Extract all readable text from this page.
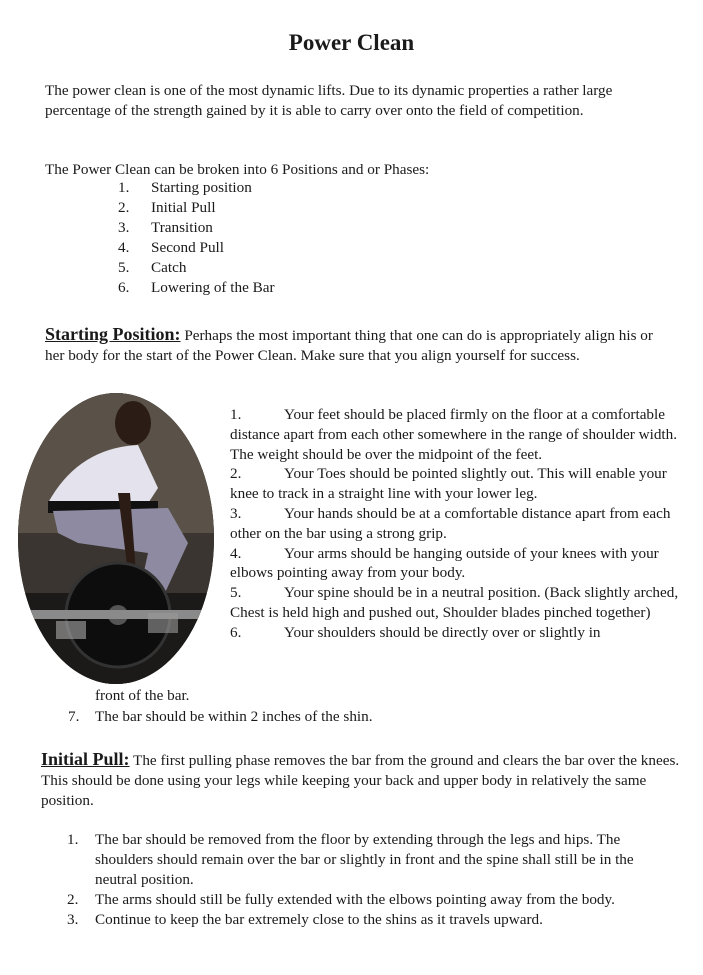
Power Clean

The power clean is one of the most dynamic lifts. Due to its dynamic properties a rather large percentage of the strength gained by it is able to carry over onto the field of competition.

The Power Clean can be broken into 6 Positions and or Phases:

1.	Starting position
2.	Initial Pull
3.	Transition
4.	Second Pull
5.	Catch
6.	Lowering of the Bar

Starting Position: Perhaps the most important thing that one can do is appropriately align his or her body for the start of the Power Clean. Make sure that you align yourself for success.

1.	Your feet should be placed firmly on the floor at a comfortable distance apart from each other somewhere in the range of shoulder width. The weight should be over the midpoint of the feet.

2.	Your Toes should be pointed slightly out. This will enable your knee to track in a straight line with your lower leg.

3.	Your hands should be at a comfortable distance apart from each other on the bar using a strong grip.

4.	Your arms should be hanging outside of your knees with your elbows pointing away from your body.

5.	Your spine should be in a neutral position. (Back slightly arched, Chest is held high and pushed out, Shoulder blades pinched together)

6.	Your shoulders should be directly over or slightly in

front of the bar.
7. The bar should be within 2 inches of the shin.

Initial Pull: The first pulling phase removes the bar from the ground and clears the bar over the knees. This should be done using your legs while keeping your back and upper body in relatively the same position.

1.	The bar should be removed from the floor by extending through the legs and hips. The shoulders should remain over the bar or slightly in front and the spine shall still be in the neutral position.
2.	The arms should still be fully extended with the elbows pointing away from the body.
3.	Continue to keep the bar extremely close to the shins as it travels upward.
